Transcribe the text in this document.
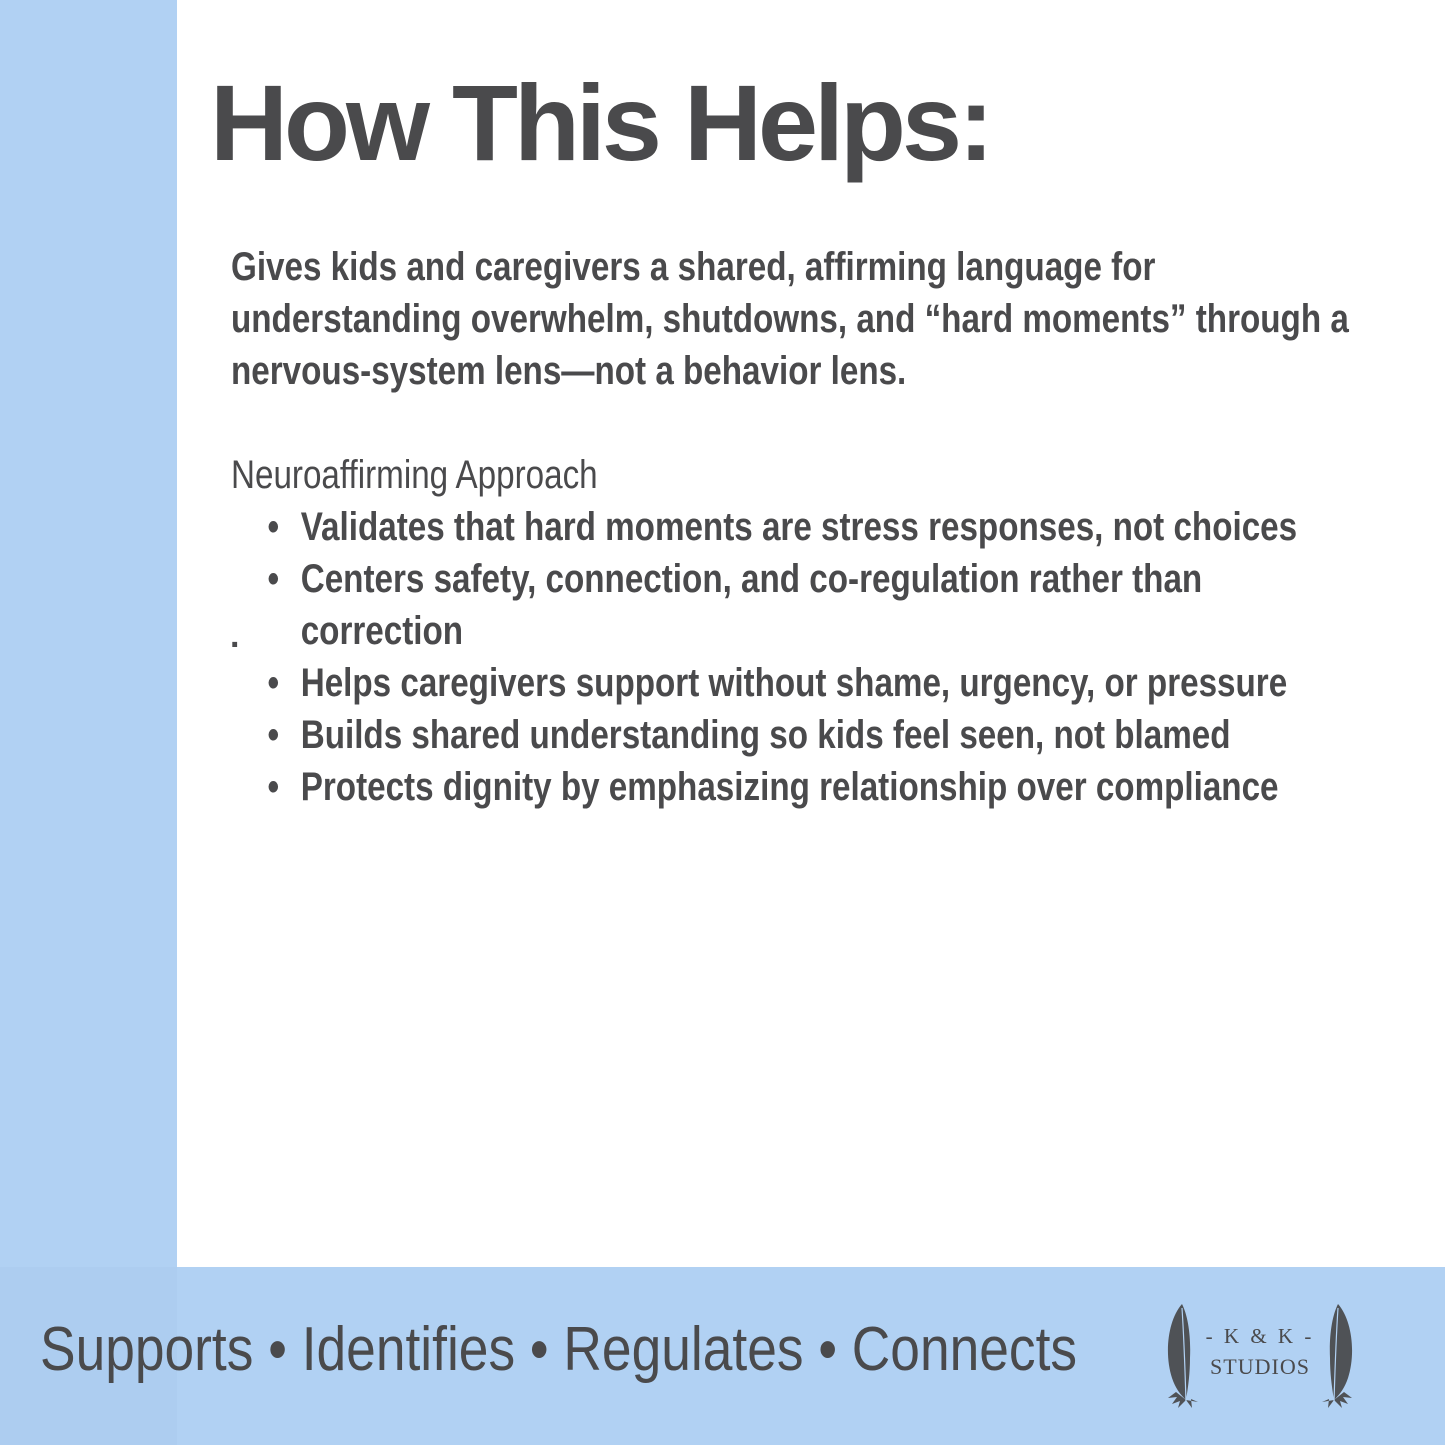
How This Helps:

Gives kids and caregivers a shared, affirming language for understanding overwhelm, shutdowns, and “hard moments” through a nervous-system lens—not a behavior lens.

Neuroaffirming Approach

• Validates that hard moments are stress responses, not choices
• Centers safety, connection, and co-regulation rather than
correction
• Helps caregivers support without shame, urgency, or pressure
• Builds shared understanding so kids feel seen, not blamed
• Protects dignity by emphasizing relationship over compliance
.
Supports • Identifies • Regulates • Connects	- K & K -
STUDIOS
